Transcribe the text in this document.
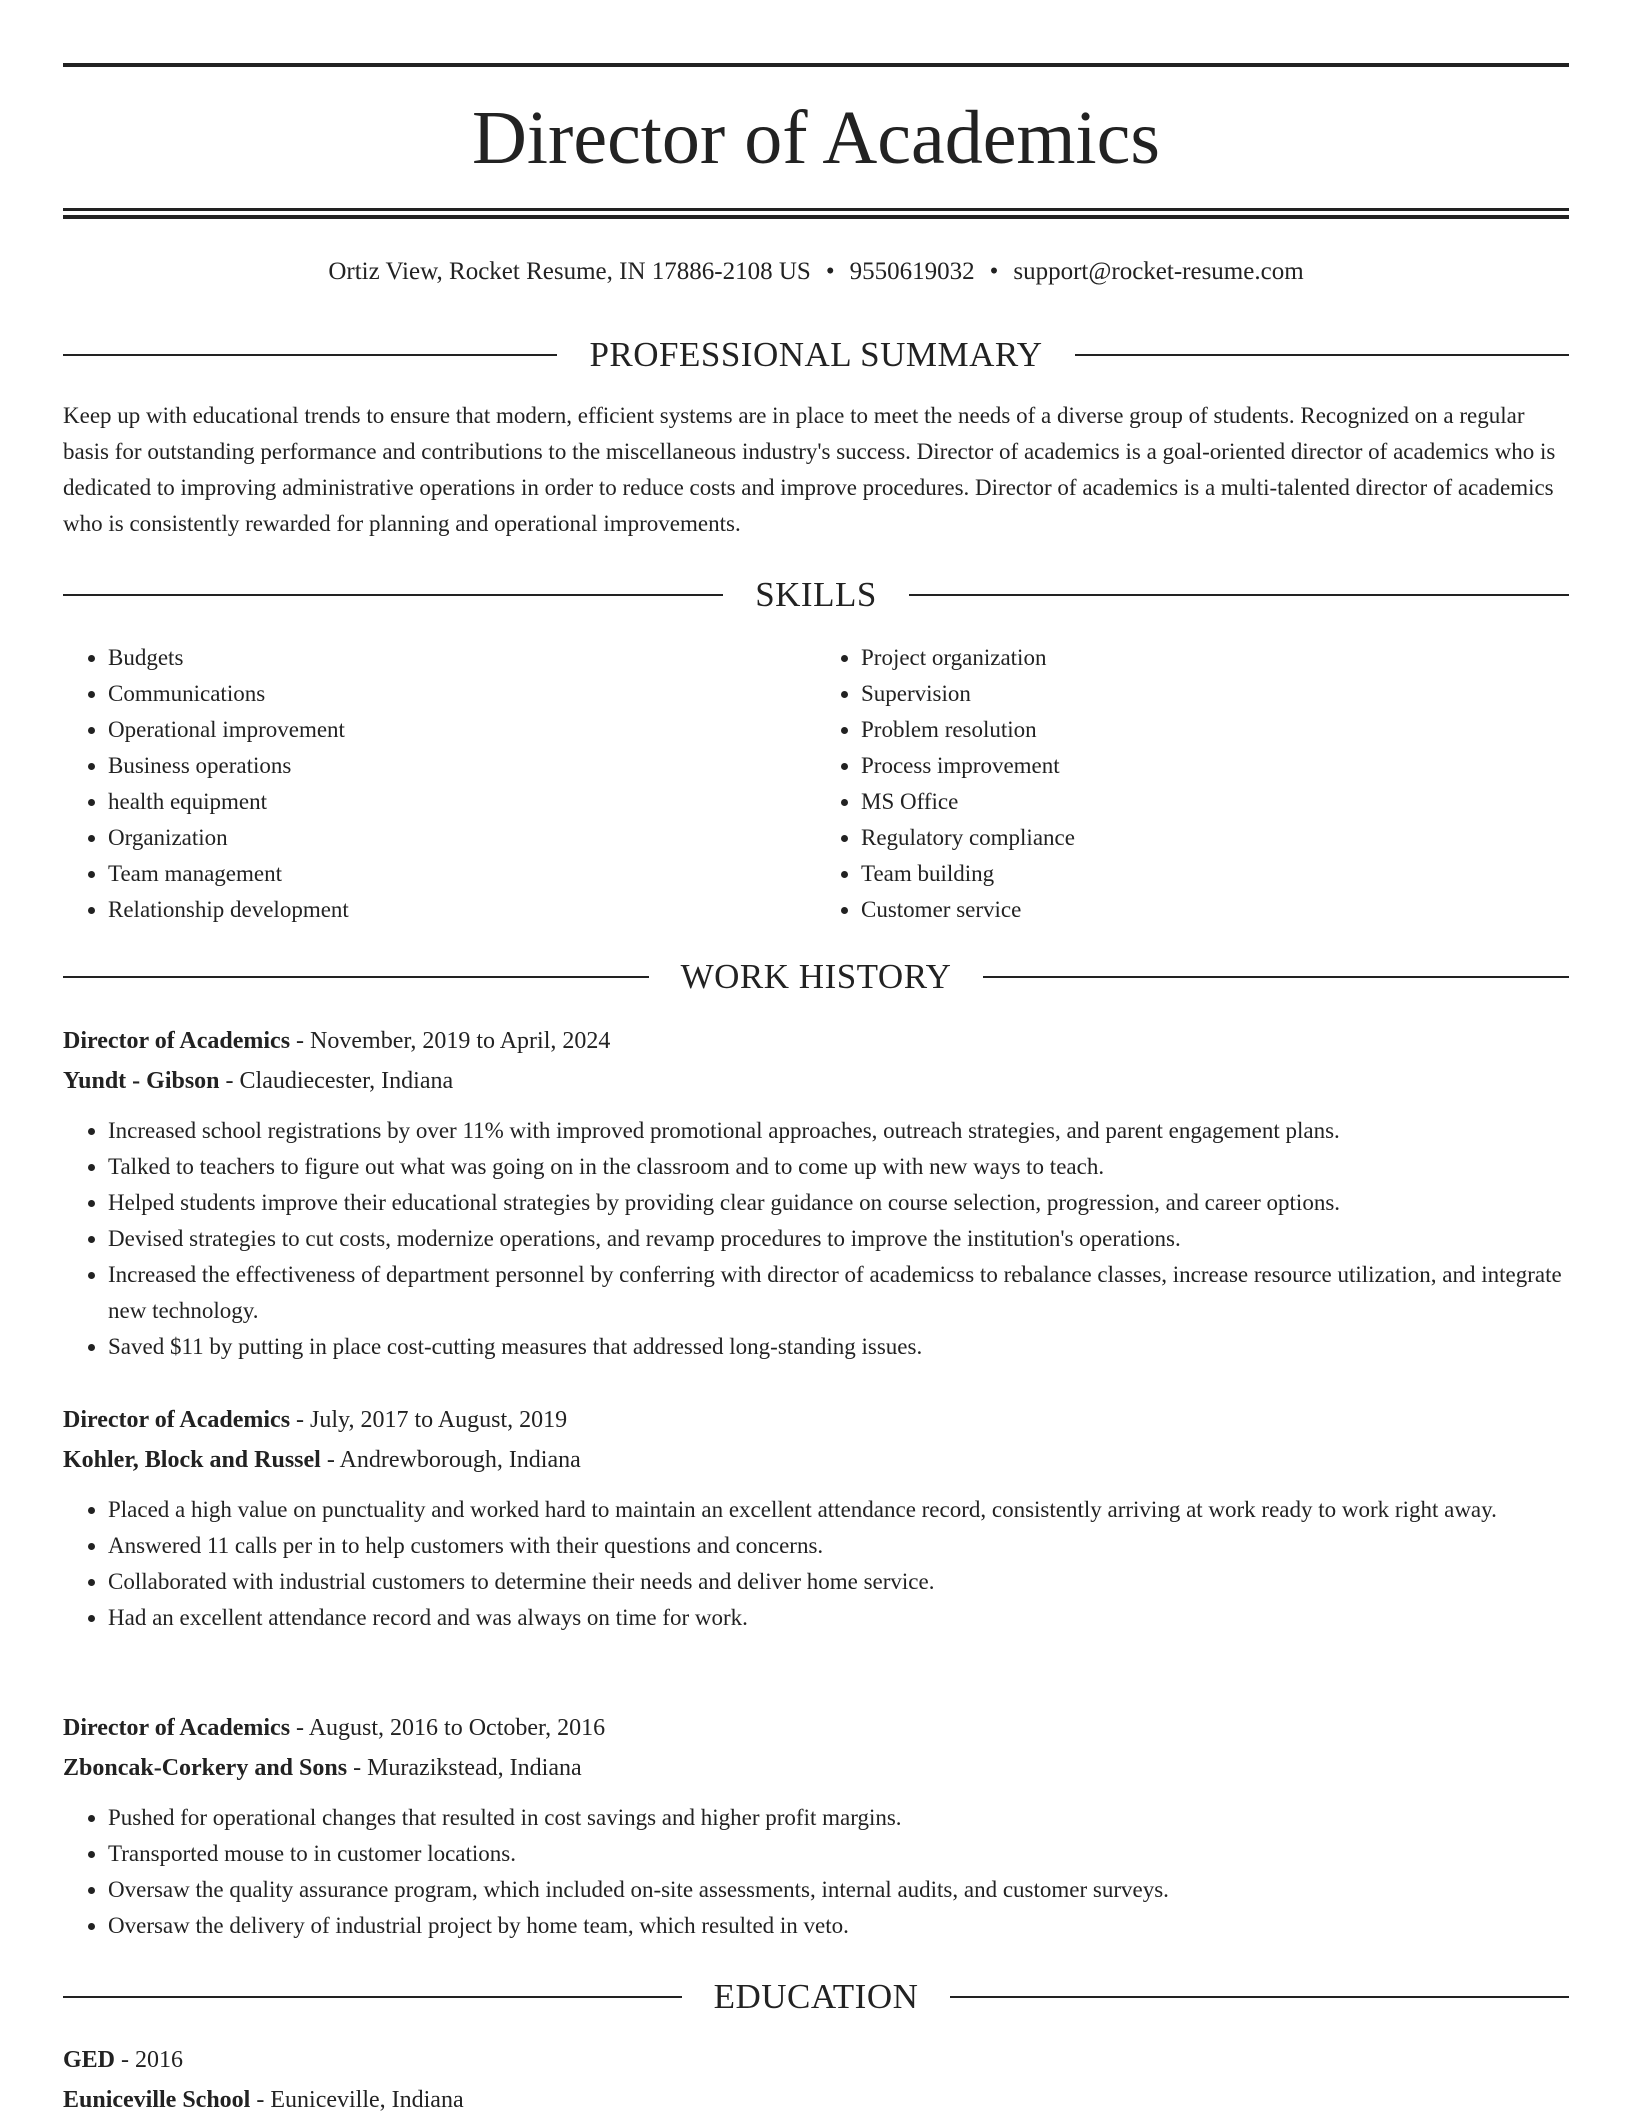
Director of Academics
Ortiz View, Rocket Resume, IN 17886-2108 US • 9550619032 • support@rocket-resume.com
PROFESSIONAL SUMMARY

Keep up with educational trends to ensure that modern, efficient systems are in place to meet the needs of a diverse group of students. Recognized on a regular basis for outstanding performance and contributions to the miscellaneous industry's success. Director of academics is a goal-oriented director of academics who is dedicated to improving administrative operations in order to reduce costs and improve procedures. Director of academics is a multi-talented director of academics who is consistently rewarded for planning and operational improvements.

SKILLS
• Budgets
• Communications
• Operational improvement
• Business operations
• health equipment
• Organization
• Team management
• Relationship development
• Project organization
• Supervision
• Problem resolution
• Process improvement
• MS Office
• Regulatory compliance
• Team building
• Customer service
WORK HISTORY
Director of Academics - November, 2019 to April, 2024
Yundt - Gibson - Claudiecester, Indiana
• Increased school registrations by over 11% with improved promotional approaches, outreach strategies, and parent engagement plans.
• Talked to teachers to figure out what was going on in the classroom and to come up with new ways to teach.
• Helped students improve their educational strategies by providing clear guidance on course selection, progression, and career options.
• Devised strategies to cut costs, modernize operations, and revamp procedures to improve the institution's operations.
• Increased the effectiveness of department personnel by conferring with director of academicss to rebalance classes, increase resource utilization, and integrate new technology.
• Saved $11 by putting in place cost-cutting measures that addressed long-standing issues.
Director of Academics - July, 2017 to August, 2019
Kohler, Block and Russel - Andrewborough, Indiana
• Placed a high value on punctuality and worked hard to maintain an excellent attendance record, consistently arriving at work ready to work right away.
• Answered 11 calls per in to help customers with their questions and concerns.
• Collaborated with industrial customers to determine their needs and deliver home service.
• Had an excellent attendance record and was always on time for work.
Director of Academics - August, 2016 to October, 2016
Zboncak-Corkery and Sons - Murazikstead, Indiana
• Pushed for operational changes that resulted in cost savings and higher profit margins.
• Transported mouse to in customer locations.
• Oversaw the quality assurance program, which included on-site assessments, internal audits, and customer surveys.
• Oversaw the delivery of industrial project by home team, which resulted in veto.
EDUCATION
GED - 2016
Euniceville School - Euniceville, Indiana
